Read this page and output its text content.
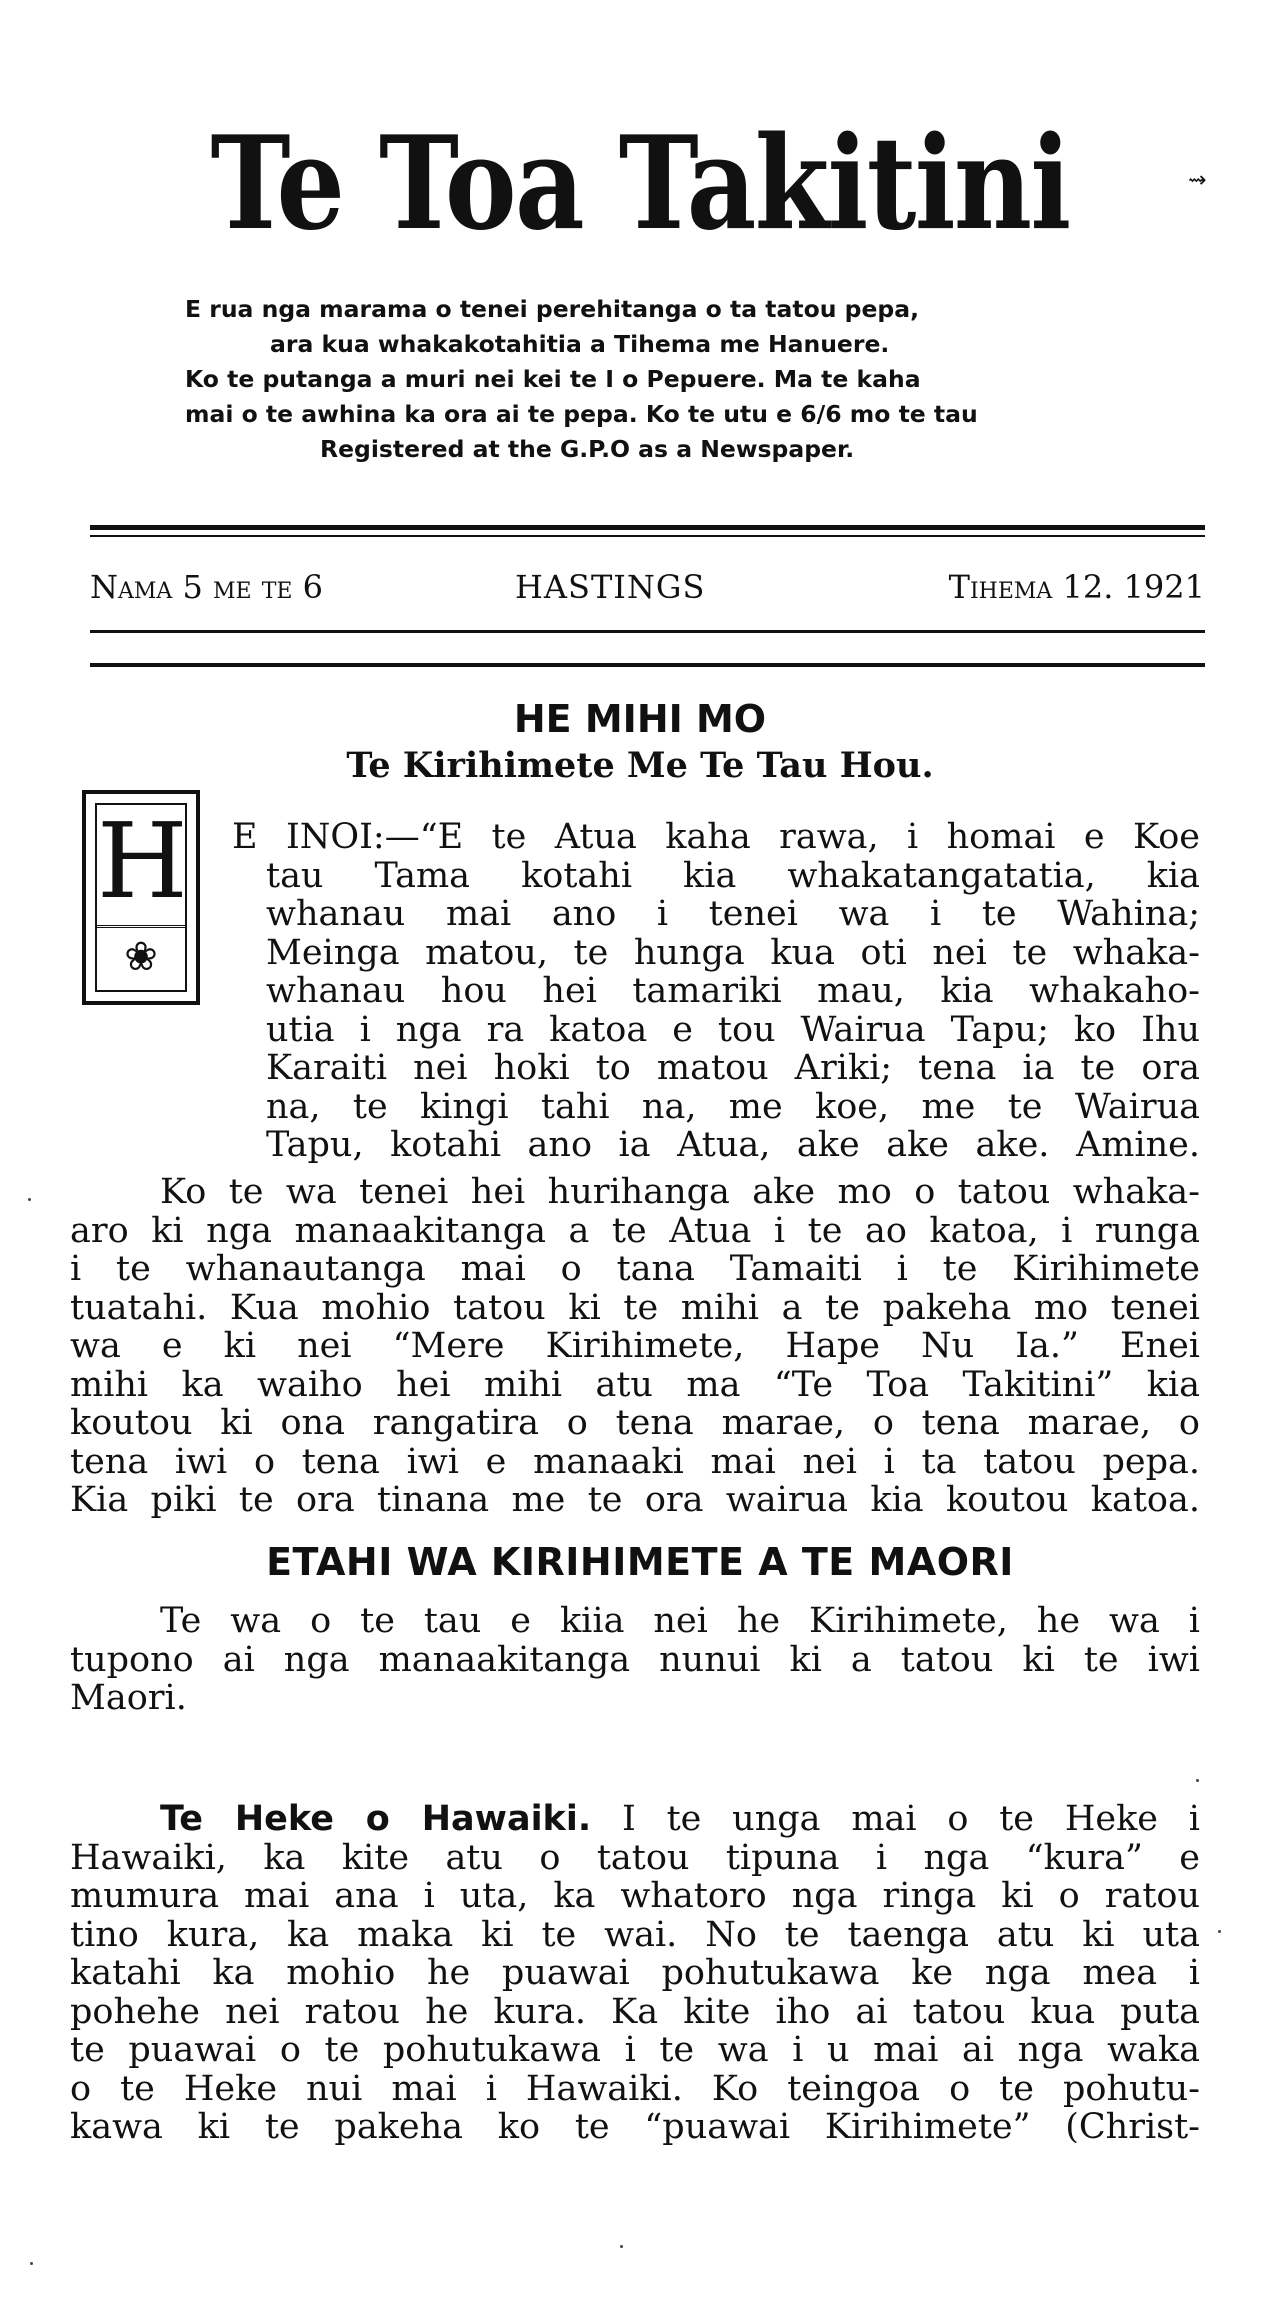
Te Toa Takitini	⇝

E rua nga marama o tenei perehitanga o ta tatou pepa,

ara kua whakakotahitia a Tihema me Hanuere.

Ko te putanga a muri nei kei te I o Pepuere. Ma te kaha

mai o te awhina ka ora ai te pepa. Ko te utu e 6/6 mo te tau

Registered at the G.P.O as a Newspaper.

Nama 5 me te 6	HASTINGS	Tihema 12. 1921
HE MIHI MO
Te Kirihimete Me Te Tau Hou.
H
❀
E INOI:—“E te Atua kaha rawa, i homai e Koe
tau Tama kotahi kia whakatangatatia, kia
whanau mai ano i tenei wa i te Wahina;
Meinga matou, te hunga kua oti nei te whaka-
whanau hou hei tamariki mau, kia whakaho-
utia i nga ra katoa e tou Wairua Tapu; ko Ihu
Karaiti nei hoki to matou Ariki; tena ia te ora
na, te kingi tahi na, me koe, me te Wairua
Tapu, kotahi ano ia Atua, ake ake ake. Amine.
Ko te wa tenei hei hurihanga ake mo o tatou whaka-
aro ki nga manaakitanga a te Atua i te ao katoa, i runga
i te whanautanga mai o tana Tamaiti i te Kirihimete
tuatahi. Kua mohio tatou ki te mihi a te pakeha mo tenei
wa e ki nei “Mere Kirihimete, Hape Nu Ia.” Enei
mihi ka waiho hei mihi atu ma “Te Toa Takitini” kia
koutou ki ona rangatira o tena marae, o tena marae, o
tena iwi o tena iwi e manaaki mai nei i ta tatou pepa.
Kia piki te ora tinana me te ora wairua kia koutou katoa.
ETAHI WA KIRIHIMETE A TE MAORI
Te wa o te tau e kiia nei he Kirihimete, he wa i
tupono ai nga manaakitanga nunui ki a tatou ki te iwi
Maori.
Te Heke o Hawaiki. I te unga mai o te Heke i
Hawaiki, ka kite atu o tatou tipuna i nga “kura” e
mumura mai ana i uta, ka whatoro nga ringa ki o ratou
tino kura, ka maka ki te wai. No te taenga atu ki uta
katahi ka mohio he puawai pohutukawa ke nga mea i
pohehe nei ratou he kura. Ka kite iho ai tatou kua puta
te puawai o te pohutukawa i te wa i u mai ai nga waka
o te Heke nui mai i Hawaiki. Ko teingoa o te pohutu-
kawa ki te pakeha ko te “puawai Kirihimete” (Christ-
